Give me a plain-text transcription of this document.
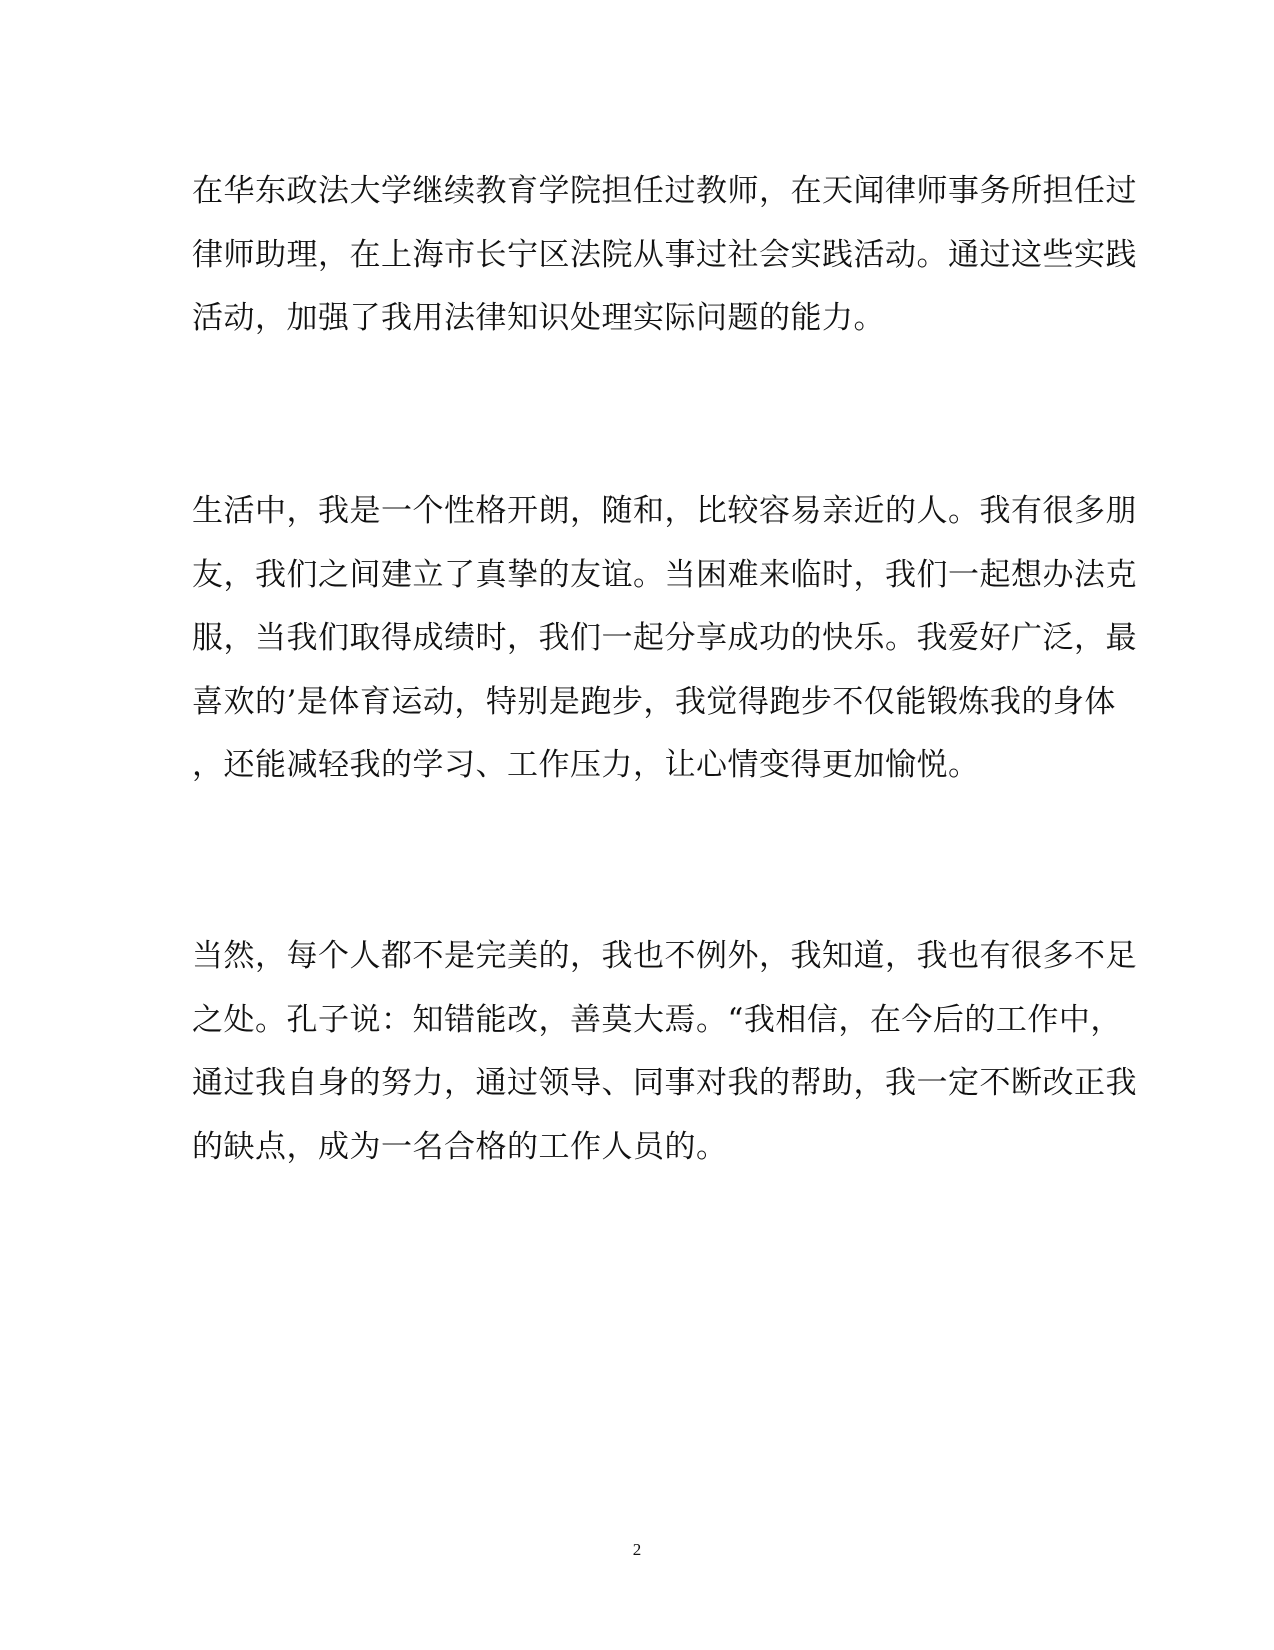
在华东政法大学继续教育学院担任过教师，在天闻律师事务所担任过
律师助理，在上海市长宁区法院从事过社会实践活动。通过这些实践
活动，加强了我用法律知识处理实际问题的能力。
生活中，我是一个性格开朗，随和，比较容易亲近的人。我有很多朋
友，我们之间建立了真挚的友谊。当困难来临时，我们一起想办法克
服，当我们取得成绩时，我们一起分享成功的快乐。我爱好广泛，最
喜欢的’是体育运动，特别是跑步，我觉得跑步不仅能锻炼我的身体
，还能减轻我的学习、工作压力，让心情变得更加愉悦。
当然，每个人都不是完美的，我也不例外，我知道，我也有很多不足
之处。孔子说：知错能改，善莫大焉。“我相信，在今后的工作中，
通过我自身的努力，通过领导、同事对我的帮助，我一定不断改正我
的缺点，成为一名合格的工作人员的。
2
